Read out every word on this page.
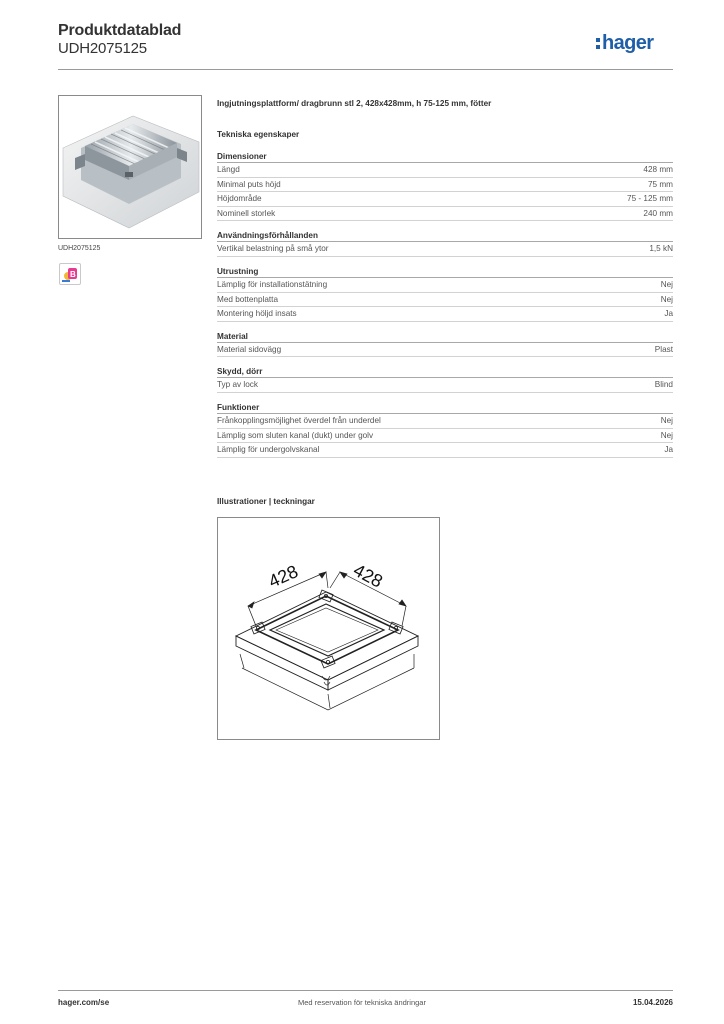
Produktdatablad
UDH2075125	hager
UDH2075125
B
Ingjutningsplattform/ dragbrunn stl 2, 428x428mm, h 75-125 mm, fötter
Tekniska egenskaper
Dimensioner
Längd	428 mm
Minimal puts höjd	75 mm
Höjdområde	75 - 125 mm
Nominell storlek	240 mm
Användningsförhållanden
Vertikal belastning på små ytor	1,5 kN
Utrustning
Lämplig för installationstätning	Nej
Med bottenplatta	Nej
Montering höljd insats	Ja
Material
Material sidovägg	Plast
Skydd, dörr
Typ av lock	Blind
Funktioner
Frånkopplingsmöjlighet överdel från underdel	Nej
Lämplig som sluten kanal (dukt) under golv	Nej
Lämplig för undergolvskanal	Ja
Illustrationer | teckningar
428	428
hager.com/se	Med reservation för tekniska ändringar	15.04.2026
